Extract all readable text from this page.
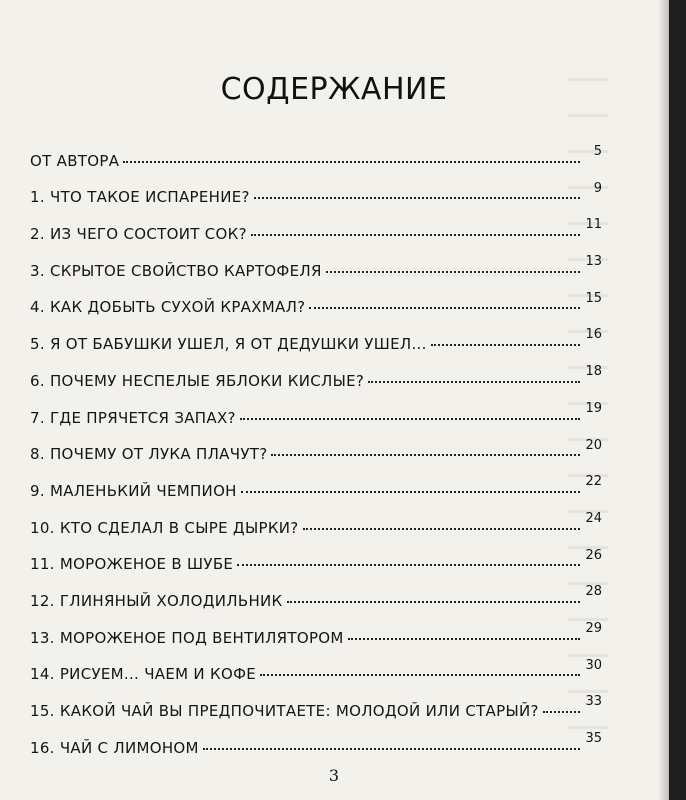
СОДЕРЖАНИЕ
ОТ АВТОРА
5
1. ЧТО ТАКОЕ ИСПАРЕНИЕ?
9
2. ИЗ ЧЕГО СОСТОИТ СОК?
11
3. СКРЫТОЕ СВОЙСТВО КАРТОФЕЛЯ
13
4. КАК ДОБЫТЬ СУХОЙ КРАХМАЛ?
15
5. Я ОТ БАБУШКИ УШЕЛ, Я ОТ ДЕДУШКИ УШЕЛ...
16
6. ПОЧЕМУ НЕСПЕЛЫЕ ЯБЛОКИ КИСЛЫЕ?
18
7. ГДЕ ПРЯЧЕТСЯ ЗАПАХ?
19
8. ПОЧЕМУ ОТ ЛУКА ПЛАЧУТ?
20
9. МАЛЕНЬКИЙ ЧЕМПИОН
22
10. КТО СДЕЛАЛ В СЫРЕ ДЫРКИ?
24
11. МОРОЖЕНОЕ В ШУБЕ
26
12. ГЛИНЯНЫЙ ХОЛОДИЛЬНИК
28
13. МОРОЖЕНОЕ ПОД ВЕНТИЛЯТОРОМ
29
14. РИСУЕМ... ЧАЕМ И КОФЕ
30
15. КАКОЙ ЧАЙ ВЫ ПРЕДПОЧИТАЕТЕ: МОЛОДОЙ ИЛИ СТАРЫЙ?
33
16. ЧАЙ С ЛИМОНОМ
35
3
